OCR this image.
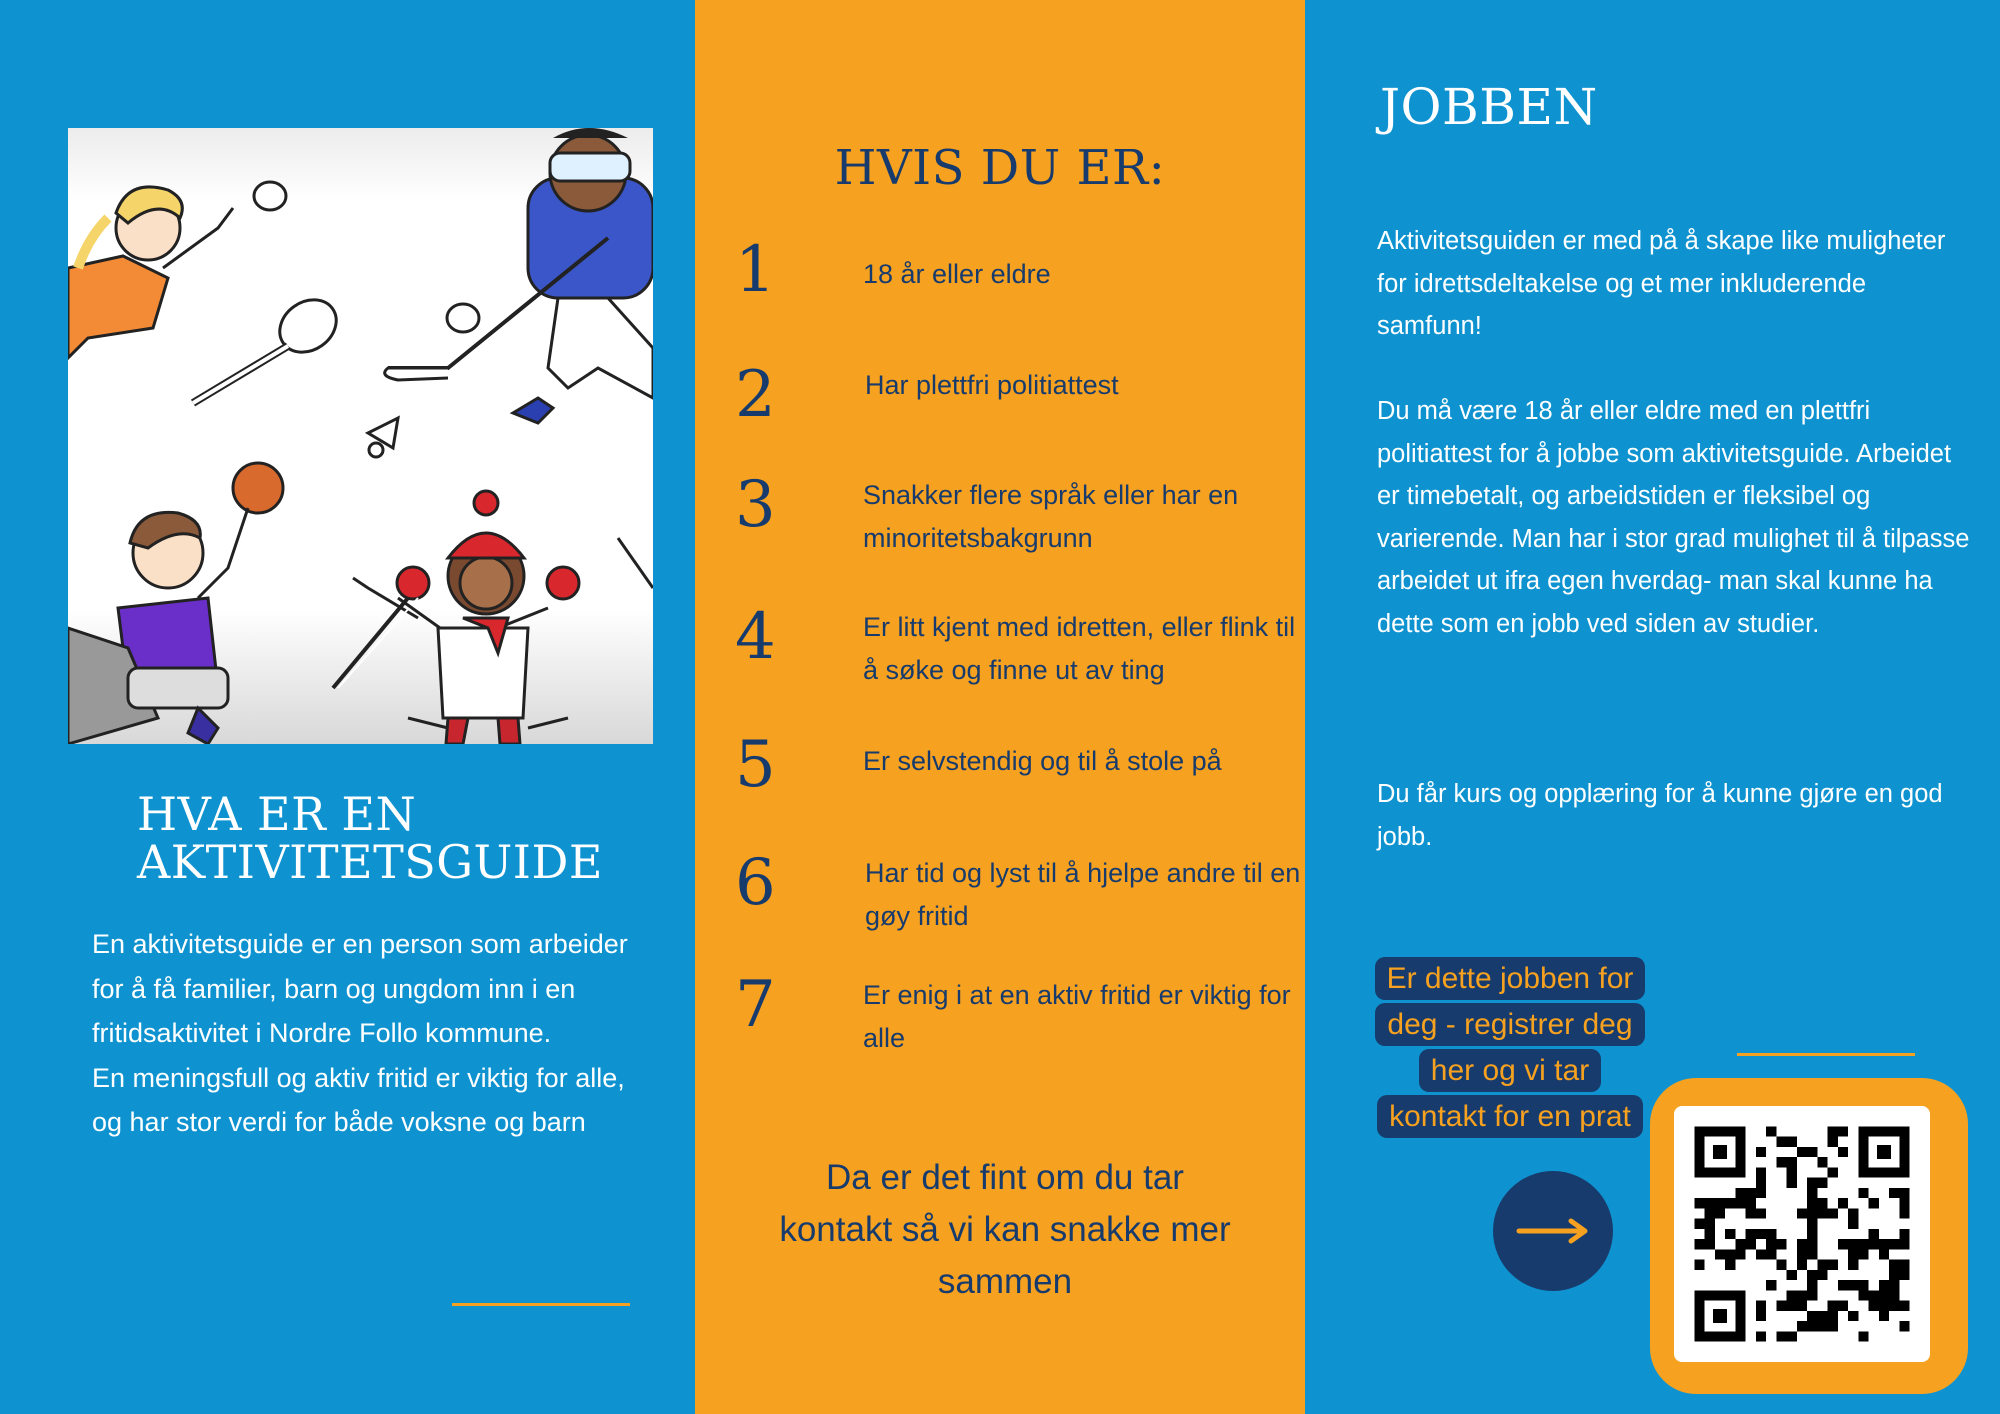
HVA ER EN AKTIVITETSGUIDE

En aktivitetsguide er en person som arbeider for å få familier, barn og ungdom inn i en fritidsaktivitet i Nordre Follo kommune.
En meningsfull og aktiv fritid er viktig for alle, og har stor verdi for både voksne og barn

HVIS DU ER:
1	18 år eller eldre
2	Har plettfri politiattest
3	Snakker flere språk eller har en minoritetsbakgrunn
4	Er litt kjent med idretten, eller flink til å søke og finne ut av ting
5	Er selvstendig og til å stole på
6	Har tid og lyst til å hjelpe andre til en gøy fritid
7	Er enig i at en aktiv fritid er viktig for alle

Da er det fint om du tar kontakt så vi kan snakke mer sammen

JOBBEN

Aktivitetsguiden er med på å skape like muligheter for idrettsdeltakelse og et mer inkluderende samfunn!

Du må være 18 år eller eldre med en plettfri politiattest for å jobbe som aktivitetsguide. Arbeidet er timebetalt, og arbeidstiden er fleksibel og varierende. Man har i stor grad mulighet til å tilpasse arbeidet ut ifra egen hverdag- man skal kunne ha dette som en jobb ved siden av studier.

Du får kurs og opplæring for å kunne gjøre en god jobb.

Er dette jobben for
deg - registrer deg
her og vi tar
kontakt for en prat
